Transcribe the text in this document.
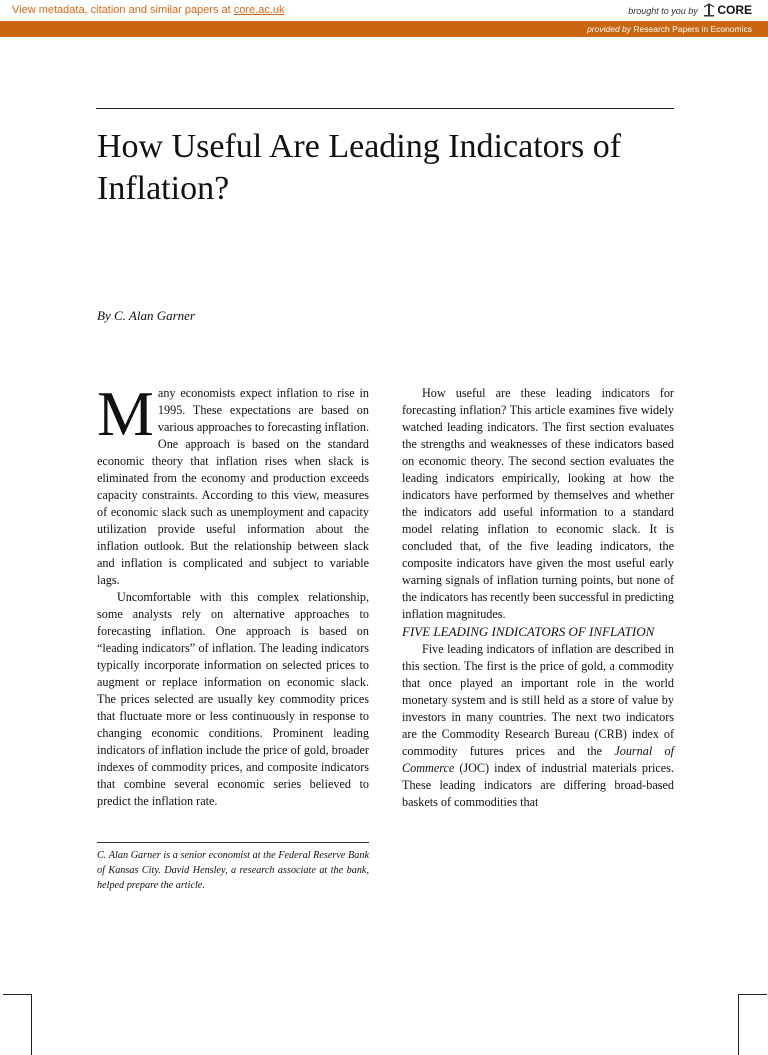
View metadata, citation and similar papers at core.ac.uk	brought to you by CORE
provided by Research Papers in Economics
How Useful Are Leading Indicators of Inflation?
By C. Alan Garner

Many economists expect inflation to rise in 1995. These expectations are based on various approaches to forecasting inflation. One approach is based on the standard economic theory that inflation rises when slack is eliminated from the economy and production exceeds capacity constraints. According to this view, measures of economic slack such as unemployment and capacity utilization provide useful information about the inflation outlook. But the relationship between slack and inflation is complicated and subject to variable lags.

Uncomfortable with this complex relationship, some analysts rely on alternative approaches to forecasting inflation. One approach is based on “leading indicators” of inflation. The leading indicators typically incorporate information on selected prices to augment or replace information on economic slack. The prices selected are usually key commodity prices that fluctuate more or less continuously in response to changing economic conditions. Prominent leading indicators of inflation include the price of gold, broader indexes of commodity prices, and composite indicators that combine several economic series believed to predict the inflation rate.

C. Alan Garner is a senior economist at the Federal Reserve Bank of Kansas City. David Hensley, a research associate at the bank, helped prepare the article.

How useful are these leading indicators for forecasting inflation? This article examines five widely watched leading indicators. The first section evaluates the strengths and weaknesses of these indicators based on economic theory. The second section evaluates the leading indicators empirically, looking at how the indicators have performed by themselves and whether the indicators add useful information to a standard model relating inflation to economic slack. It is concluded that, of the five leading indicators, the composite indicators have given the most useful early warning signals of inflation turning points, but none of the indicators has recently been successful in predicting inflation magnitudes.

FIVE LEADING INDICATORS OF INFLATION

Five leading indicators of inflation are described in this section. The first is the price of gold, a commodity that once played an important role in the world monetary system and is still held as a store of value by investors in many countries. The next two indicators are the Commodity Research Bureau (CRB) index of commodity futures prices and the Journal of Commerce (JOC) index of industrial materials prices. These leading indicators are differing broad-based baskets of commodities that
